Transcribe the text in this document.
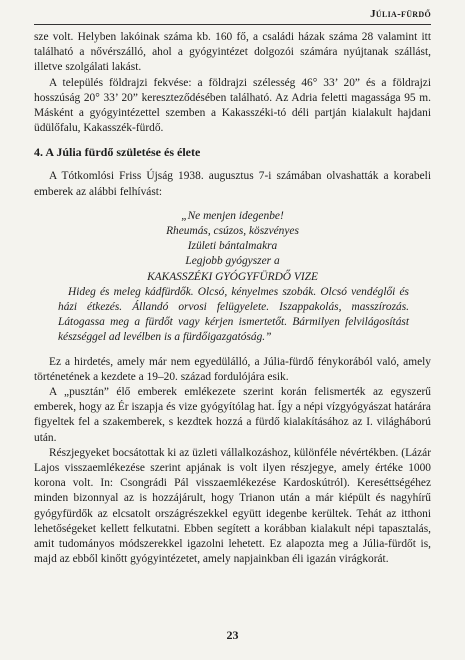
Júlia-fürdő

sze volt. Helyben lakóinak száma kb. 160 fő, a családi házak száma 28 valamint itt található a nővérszálló, ahol a gyógyintézet dolgozói számára nyújtanak szállást, illetve szolgálati lakást.

A település földrajzi fekvése: a földrajzi szélesség 46° 33’ 20” és a földrajzi hosszúság 20° 33’ 20” kereszteződésében található. Az Adria feletti magassága 95 m. Másként a gyógyintézettel szemben a Kakasszéki-tó déli partján kialakult hajdani üdülőfalu, Kakasszék-fürdő.

4. A Júlia fürdő születése és élete

A Tótkomlósi Friss Újság 1938. augusztus 7-i számában olvashatták a korabeli emberek az alábbi felhívást:

„Ne menjen idegenbe!
Rheumás, csúzos, köszvényes
Izületi bántalmakra
Legjobb gyógyszer a
KAKASSZÉKI GYÓGYFÜRDŐ VIZE

Hideg és meleg kádfürdők. Olcsó, kényelmes szobák. Olcsó vendéglői és házi étkezés. Állandó orvosi felügyelete. Iszappakolás, masszírozás. Látogassa meg a fürdőt vagy kérjen ismertetőt. Bármilyen felvilágosítást készséggel ad levélben is a fürdőigazgatóság.”

Ez a hirdetés, amely már nem egyedülálló, a Júlia-fürdő fénykorából való, amely történetének a kezdete a 19–20. század fordulójára esik.

A „pusztán” élő emberek emlékezete szerint korán felismerték az egyszerű emberek, hogy az Ér iszapja és vize gyógyítólag hat. Így a népi vízgyógyászat határára figyeltek fel a szakemberek, s kezdtek hozzá a fürdő kialakításához az I. világháború után.

Részjegyeket bocsátottak ki az üzleti vállalkozáshoz, különféle névértékben. (Lázár Lajos visszaemlékezése szerint apjának is volt ilyen részjegye, amely értéke 1000 korona volt. In: Csongrádi Pál visszaemlékezése Kardoskútról). Kereséttségéhez minden bizonnyal az is hozzájárult, hogy Trianon után a már kiépült és nagyhírű gyógyfürdők az elcsatolt országrészekkel együtt idegenbe kerültek. Tehát az itthoni lehetőségeket kellett felkutatni. Ebben segített a korábban kialakult népi tapasztalás, amit tudományos módszerekkel igazolni lehetett. Ez alapozta meg a Júlia-fürdőt is, majd az ebből kinőtt gyógyintézetet, amely napjainkban éli igazán virágkorát.

23
